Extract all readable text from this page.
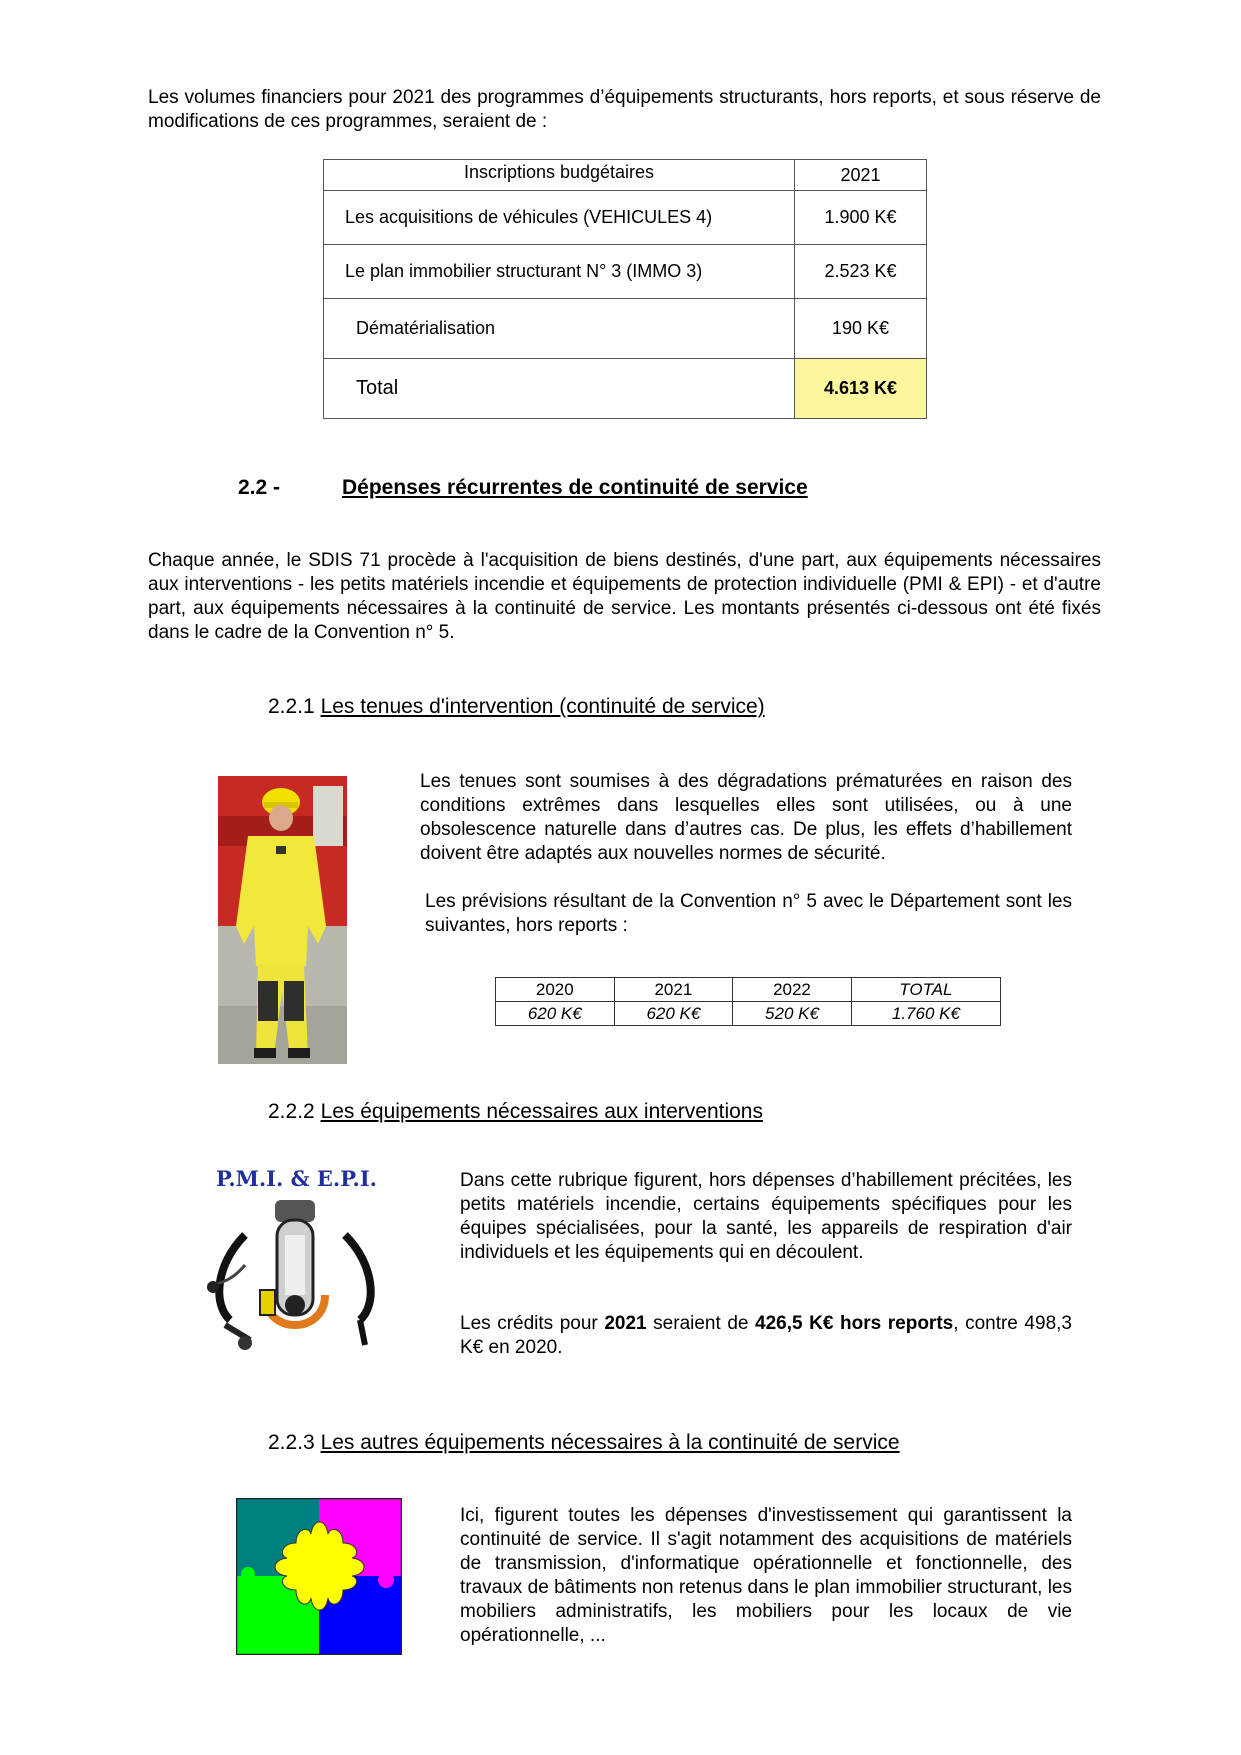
Les volumes financiers pour 2021 des programmes d’équipements structurants, hors reports, et sous réserve de modifications de ces programmes, seraient de :
Inscriptions budgétaires	2021
Les acquisitions de véhicules (VEHICULES 4)	1.900 K€
Le plan immobilier structurant N° 3 (IMMO 3)	2.523 K€
Dématérialisation	190 K€
Total	4.613 K€
2.2 -	Dépenses récurrentes de continuité de service
Chaque année, le SDIS 71 procède à l'acquisition de biens destinés, d'une part, aux équipements nécessaires aux interventions - les petits matériels incendie et équipements de protection individuelle (PMI & EPI) - et d'autre part, aux équipements nécessaires à la continuité de service. Les montants présentés ci-dessous ont été fixés dans le cadre de la Convention n° 5.
2.2.1 Les tenues d'intervention (continuité de service)
Les tenues sont soumises à des dégradations prématurées en raison des conditions extrêmes dans lesquelles elles sont utilisées, ou à une obsolescence naturelle dans d’autres cas. De plus, les effets d’habillement doivent être adaptés aux nouvelles normes de sécurité.
Les prévisions résultant de la Convention n° 5 avec le Département sont les suivantes, hors reports :
2020	2021	2022	TOTAL
620 K€	620 K€	520 K€	1.760 K€
2.2.2 Les équipements nécessaires aux interventions
P.M.I. & E.P.I.	Dans cette rubrique figurent, hors dépenses d’habillement précitées, les petits matériels incendie, certains équipements spécifiques pour les équipes spécialisées, pour la santé, les appareils de respiration d'air individuels et les équipements qui en découlent.
Les crédits pour 2021 seraient de 426,5 K€ hors reports, contre 498,3 K€ en 2020.
2.2.3 Les autres équipements nécessaires à la continuité de service
Ici, figurent toutes les dépenses d'investissement qui garantissent la continuité de service. Il s'agit notamment des acquisitions de matériels de transmission, d'informatique opérationnelle et fonctionnelle, des travaux de bâtiments non retenus dans le plan immobilier structurant, les mobiliers administratifs, les mobiliers pour les locaux de vie opérationnelle, ...
